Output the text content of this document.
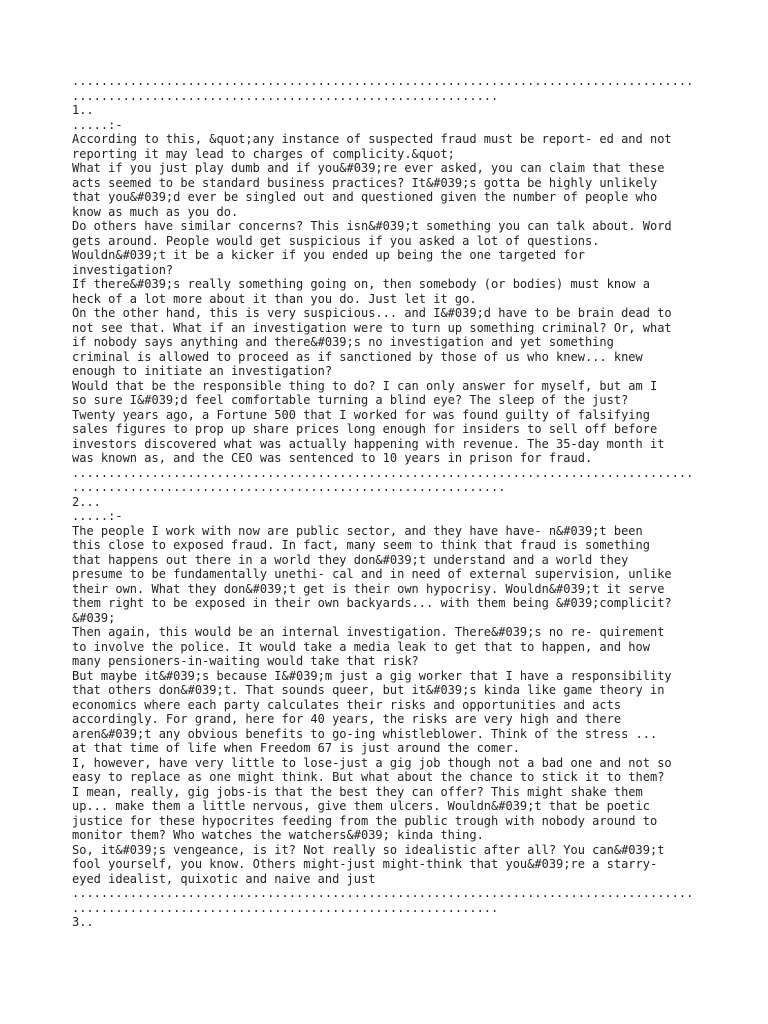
......................................................................................
...........................................................
1..
.....:-
According to this, &quot;any instance of suspected fraud must be report- ed and not
reporting it may lead to charges of complicity.&quot;
What if you just play dumb and if you&#039;re ever asked, you can claim that these
acts seemed to be standard business practices? It&#039;s gotta be highly unlikely
that you&#039;d ever be singled out and questioned given the number of people who
know as much as you do.
Do others have similar concerns? This isn&#039;t something you can talk about. Word
gets around. People would get suspicious if you asked a lot of questions.
Wouldn&#039;t it be a kicker if you ended up being the one targeted for
investigation?
If there&#039;s really something going on, then somebody (or bodies) must know a
heck of a lot more about it than you do. Just let it go.
On the other hand, this is very suspicious... and I&#039;d have to be brain dead to
not see that. What if an investigation were to turn up something criminal? Or, what
if nobody says anything and there&#039;s no investigation and yet something
criminal is allowed to proceed as if sanctioned by those of us who knew... knew
enough to initiate an investigation?
Would that be the responsible thing to do? I can only answer for myself, but am I
so sure I&#039;d feel comfortable turning a blind eye? The sleep of the just?
Twenty years ago, a Fortune 500 that I worked for was found guilty of falsifying
sales figures to prop up share prices long enough for insiders to sell off before
investors discovered what was actually happening with revenue. The 35-day month it
was known as, and the CEO was sentenced to 10 years in prison for fraud.
......................................................................................
............................................................
2...
.....:-
The people I work with now are public sector, and they have have- n&#039;t been
this close to exposed fraud. In fact, many seem to think that fraud is something
that happens out there in a world they don&#039;t understand and a world they
presume to be fundamentally unethi- cal and in need of external supervision, unlike
their own. What they don&#039;t get is their own hypocrisy. Wouldn&#039;t it serve
them right to be exposed in their own backyards... with them being &#039;complicit?
&#039;
Then again, this would be an internal investigation. There&#039;s no re- quirement
to involve the police. It would take a media leak to get that to happen, and how
many pensioners-in-waiting would take that risk?
But maybe it&#039;s because I&#039;m just a gig worker that I have a responsibility
that others don&#039;t. That sounds queer, but it&#039;s kinda like game theory in
economics where each party calculates their risks and opportunities and acts
accordingly. For grand, here for 40 years, the risks are very high and there
aren&#039;t any obvious benefits to go-ing whistleblower. Think of the stress ...
at that time of life when Freedom 67 is just around the comer.
I, however, have very little to lose-just a gig job though not a bad one and not so
easy to replace as one might think. But what about the chance to stick it to them?
I mean, really, gig jobs-is that the best they can offer? This might shake them
up... make them a little nervous, give them ulcers. Wouldn&#039;t that be poetic
justice for these hypocrites feeding from the public trough with nobody around to
monitor them? Who watches the watchers&#039; kinda thing.
So, it&#039;s vengeance, is it? Not really so idealistic after all? You can&#039;t
fool yourself, you know. Others might-just might-think that you&#039;re a starry-
eyed idealist, quixotic and naive and just
......................................................................................
...........................................................
3..
